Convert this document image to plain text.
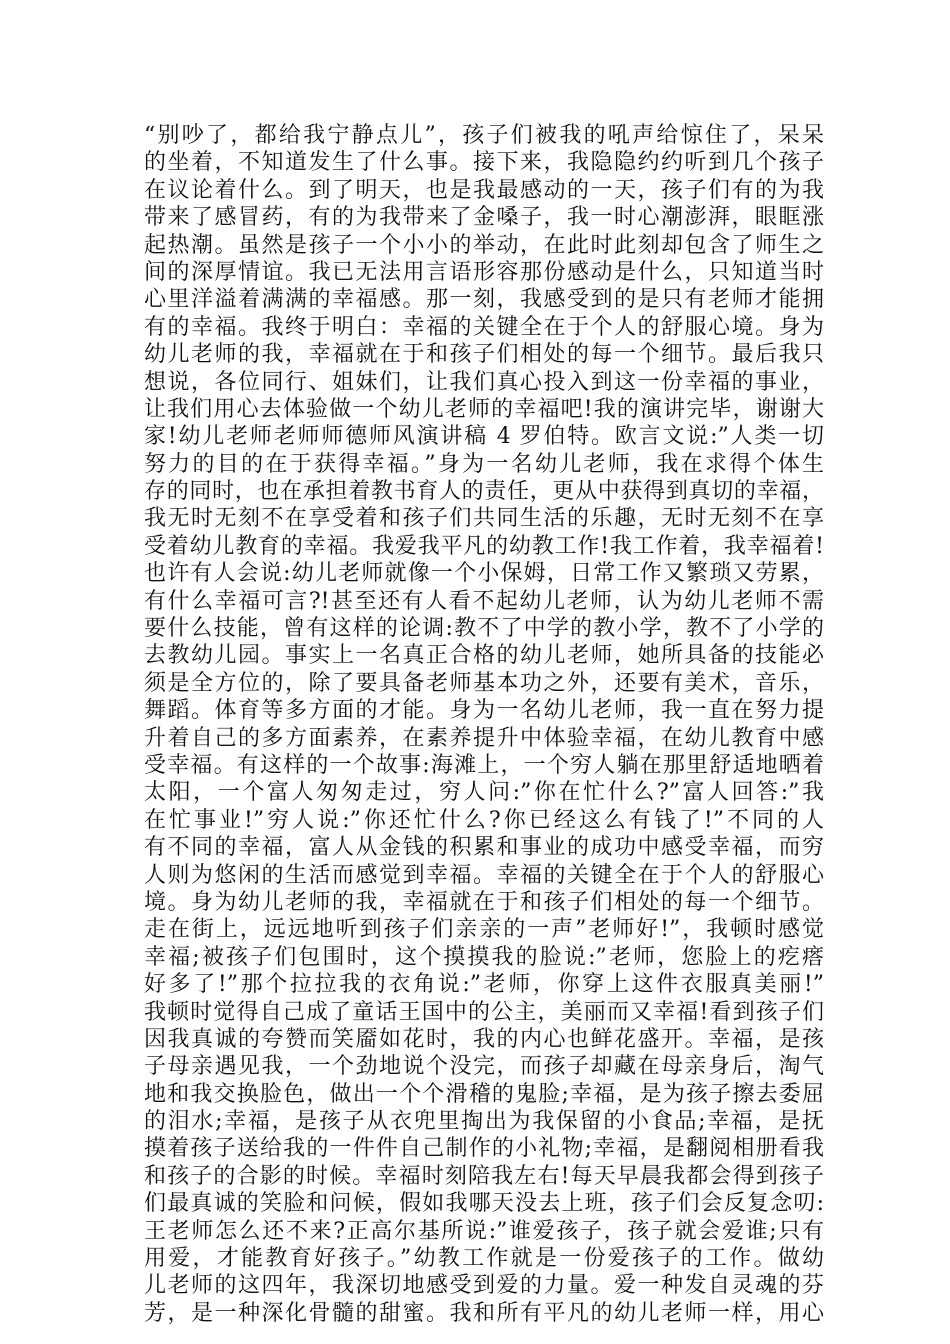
“别吵了，都给我宁静点儿”，孩子们被我的吼声给惊住了，呆呆
的坐着，不知道发生了什么事。接下来，我隐隐约约听到几个孩子
在议论着什么。到了明天，也是我最感动的一天，孩子们有的为我
带来了感冒药，有的为我带来了金嗓子，我一时心潮澎湃，眼眶涨
起热潮。虽然是孩子一个小小的举动，在此时此刻却包含了师生之
间的深厚情谊。我已无法用言语形容那份感动是什么，只知道当时
心里洋溢着满满的幸福感。那一刻，我感受到的是只有老师才能拥
有的幸福。我终于明白：幸福的关键全在于个人的舒服心境。身为
幼儿老师的我，幸福就在于和孩子们相处的每一个细节。最后我只
想说，各位同行、姐妹们，让我们真心投入到这一份幸福的事业，
让我们用心去体验做一个幼儿老师的幸福吧!我的演讲完毕，谢谢大
家!幼儿老师老师师德师风演讲稿 4 罗伯特。欧言文说:”人类一切
努力的目的在于获得幸福。”身为一名幼儿老师，我在求得个体生
存的同时，也在承担着教书育人的责任，更从中获得到真切的幸福，
我无时无刻不在享受着和孩子们共同生活的乐趣，无时无刻不在享
受着幼儿教育的幸福。我爱我平凡的幼教工作!我工作着，我幸福着!
也许有人会说:幼儿老师就像一个小保姆，日常工作又繁琐又劳累，
有什么幸福可言?!甚至还有人看不起幼儿老师，认为幼儿老师不需
要什么技能，曾有这样的论调:教不了中学的教小学，教不了小学的
去教幼儿园。事实上一名真正合格的幼儿老师，她所具备的技能必
须是全方位的，除了要具备老师基本功之外，还要有美术，音乐，
舞蹈。体育等多方面的才能。身为一名幼儿老师，我一直在努力提
升着自己的多方面素养，在素养提升中体验幸福，在幼儿教育中感
受幸福。有这样的一个故事:海滩上，一个穷人躺在那里舒适地晒着
太阳，一个富人匆匆走过，穷人问:”你在忙什么?”富人回答:”我
在忙事业!”穷人说:”你还忙什么?你已经这么有钱了!”不同的人
有不同的幸福，富人从金钱的积累和事业的成功中感受幸福，而穷
人则为悠闲的生活而感觉到幸福。幸福的关键全在于个人的舒服心
境。身为幼儿老师的我，幸福就在于和孩子们相处的每一个细节。
走在街上，远远地听到孩子们亲亲的一声”老师好!”，我顿时感觉
幸福;被孩子们包围时，这个摸摸我的脸说:”老师，您脸上的疙瘩
好多了!”那个拉拉我的衣角说:”老师，你穿上这件衣服真美丽!”
我顿时觉得自己成了童话王国中的公主，美丽而又幸福!看到孩子们
因我真诚的夸赞而笑靥如花时，我的内心也鲜花盛开。幸福，是孩
子母亲遇见我，一个劲地说个没完，而孩子却藏在母亲身后，淘气
地和我交换脸色，做出一个个滑稽的鬼脸;幸福，是为孩子擦去委屈
的泪水;幸福，是孩子从衣兜里掏出为我保留的小食品;幸福，是抚
摸着孩子送给我的一件件自己制作的小礼物;幸福，是翻阅相册看我
和孩子的合影的时候。幸福时刻陪我左右!每天早晨我都会得到孩子
们最真诚的笑脸和问候，假如我哪天没去上班，孩子们会反复念叨:
王老师怎么还不来?正高尔基所说:”谁爱孩子，孩子就会爱谁;只有
用爱，才能教育好孩子。”幼教工作就是一份爱孩子的工作。做幼
儿老师的这四年，我深切地感受到爱的力量。爱一种发自灵魂的芬
芳，是一种深化骨髓的甜蜜。我和所有平凡的幼儿老师一样，用心
